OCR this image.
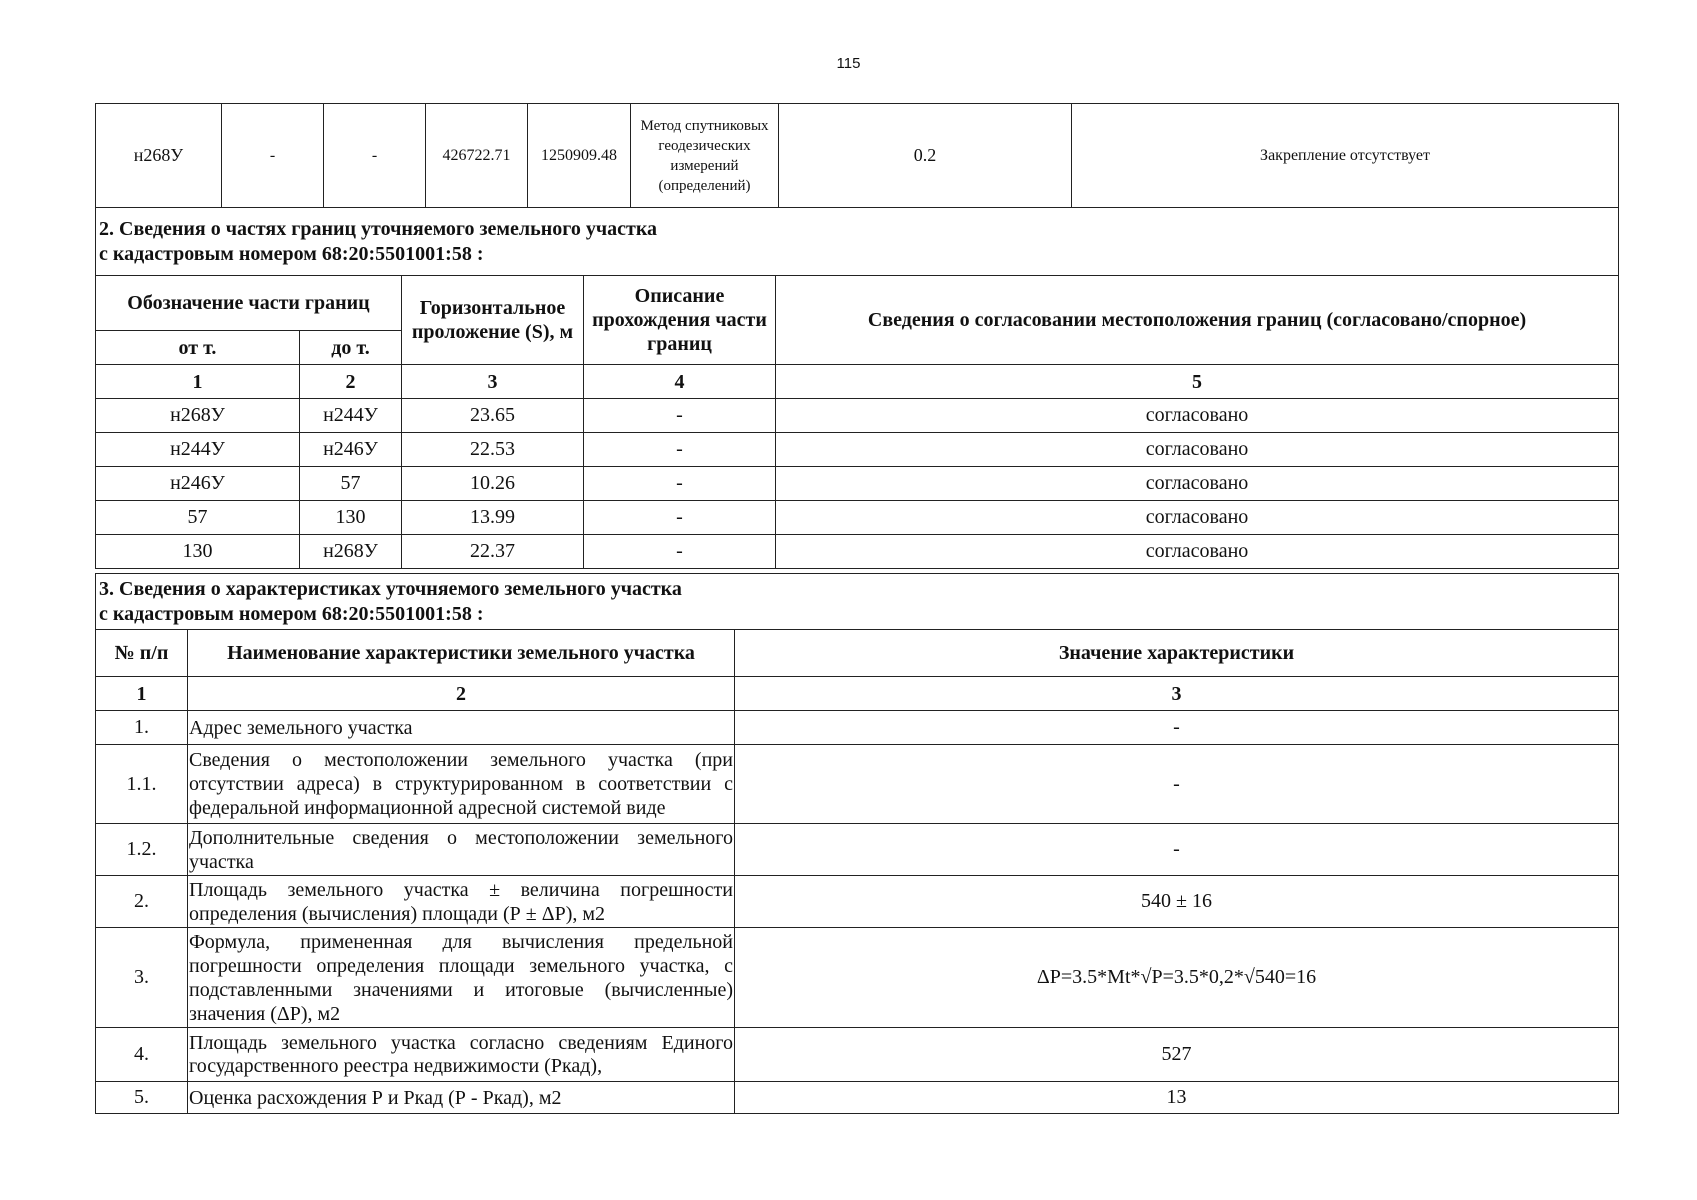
115
н268У	-	-	426722.71	1250909.48	Метод спутниковых геодезических измерений (определений)	0.2	Закрепление отсутствует
2. Сведения о частях границ уточняемого земельного участка
с кадастровым номером 68:20:5501001:58 :				

Обозначение части границ		Горизонтальное проложение (S), м	Описание прохождения части границ	Сведения о согласовании местоположения границ (согласовано/спорное)
от т.	до т.			
1	2	3	4	5
н268У	н244У	23.65	-	согласовано
н244У	н246У	22.53	-	согласовано
н246У	57	10.26	-	согласовано
57	130	13.99	-	согласовано
130	н268У	22.37	-	согласовано
3. Сведения о характеристиках уточняемого земельного участка
с кадастровым номером 68:20:5501001:58 :		

№ п/п	Наименование характеристики земельного участка	Значение характеристики
1	2	3
1.	Адрес земельного участка	-
1.1.	Сведения о местоположении земельного участка (при отсутствии адреса) в структурированном в соответствии с федеральной информационной адресной системой виде	-
1.2.	Дополнительные сведения о местоположении земельного участка	-
2.	Площадь земельного участка ± величина погрешности определения (вычисления) площади (Р ± ΔР), м2	540 ± 16
3.	Формула, примененная для вычисления предельной погрешности определения площади земельного участка, с подставленными значениями и итоговые (вычисленные) значения (ΔР), м2	ΔР=3.5*Mt*√P=3.5*0,2*√540=16
4.	Площадь земельного участка согласно сведениям Единого государственного реестра недвижимости (Ркад),	527
5.	Оценка расхождения Р и Ркад (Р - Ркад), м2	13
